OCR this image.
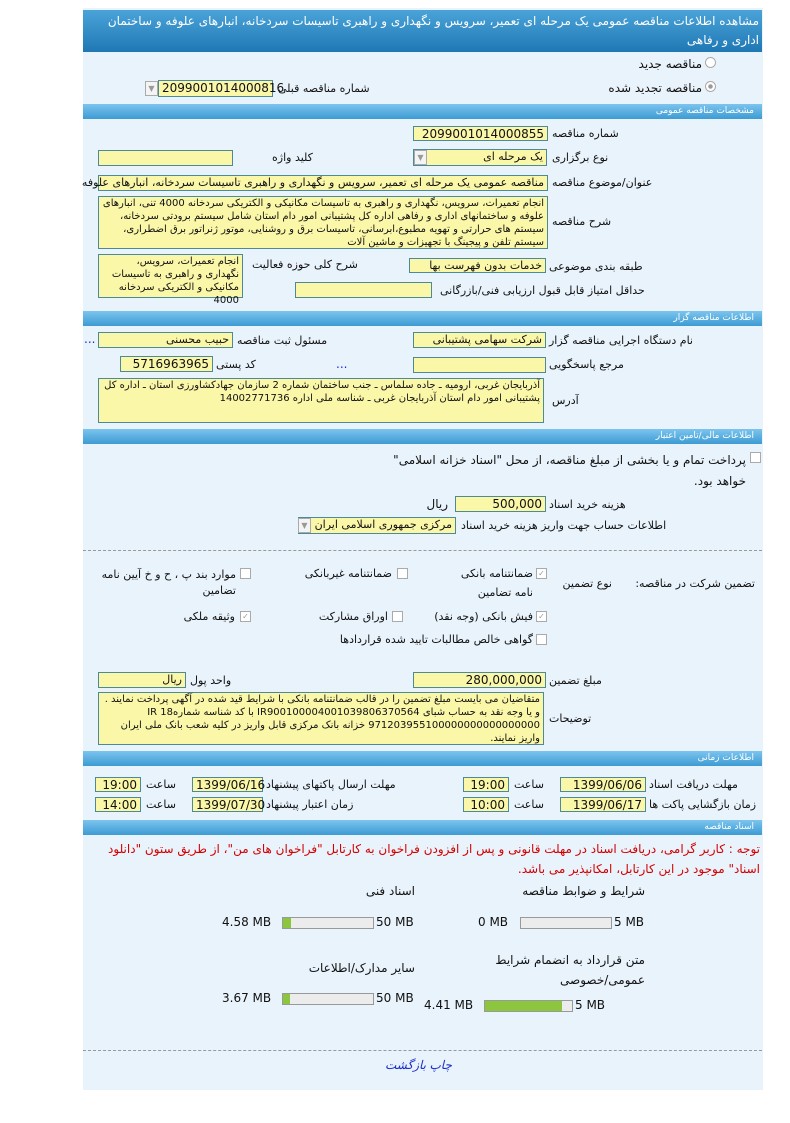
مشاهده اطلاعات مناقصه عمومی یک مرحله ای تعمیر، سرویس و نگهداری و راهبری تاسیسات سردخانه، انبارهای علوفه و ساختمان اداری و رفاهی
مناقصه جدید
مناقصه تجدید شده
شماره مناقصه قبلی
2099001014000816
▼
مشخصات مناقصه عمومی
شماره مناقصه
2099001014000855
نوع برگزاری
یک مرحله ای
▼
کلید واژه
عنوان/موضوع مناقصه
مناقصه عمومی یک مرحله ای تعمیر، سرویس و نگهداری و راهبری تاسیسات سردخانه، انبارهای علوفه
شرح مناقصه
انجام تعمیرات، سرویس، نگهداری و راهبری به تاسیسات مکانیکی و الکتریکی سردخانه 4000 تنی، انبارهای علوفه و ساختمانهای اداری و رفاهی اداره کل پشتیبانی امور دام استان شامل سیستم برودتی سردخانه، سیستم های حرارتی و تهویه مطبوع،ابرسانی، تاسیسات برق و روشنایی، موتور ژنراتور برق اضطراری، سیستم تلفن و پیجینگ با تجهیزات و ماشین آلات
طبقه بندی موضوعی
خدمات بدون فهرست بها
شرح کلی حوزه فعالیت
انجام تعمیرات، سرویس، نگهداری و راهبری به تاسیسات مکانیکی و الکتریکی سردخانه 4000
حداقل امتیاز قابل قبول ارزیابی فنی/بازرگانی
اطلاعات مناقصه گزار
نام دستگاه اجرایی مناقصه گزار
شرکت سهامی پشتیبانی
مسئول ثبت مناقصه
حبیب محسنی
...
مرجع پاسخگویی
...
کد پستی
5716963965
آدرس
آذربایجان غربی، ارومیه ـ جاده سلماس ـ جنب ساختمان شماره 2 سازمان جهادکشاورزی استان ـ اداره کل پشتیبانی امور دام استان آذربایجان غربی ـ شناسه ملی اداره 14002771736
اطلاعات مالی/تامین اعتبار
پرداخت تمام و یا بخشی از مبلغ مناقصه، از محل "اسناد خزانه اسلامی" خواهد بود.
هزینه خرید اسناد
500,000
ریال
اطلاعات حساب جهت واریز هزینه خرید اسناد
مرکزی جمهوری اسلامی ایران
▼
تضمین شرکت در مناقصه:
نوع تضمین
✓
ضمانتنامه بانکی
نامه تضامین
ضمانتنامه غیربانکی
موارد بند پ ، ح و خ آیین نامه تضامین
✓
فیش بانکی (وجه نقد)
اوراق مشارکت
✓
وثیقه ملکی
گواهی خالص مطالبات تایید شده قراردادها
مبلغ تضمین
280,000,000
واحد پول
ریال
توضیحات
متقاضیان می بایست مبلغ تضمین را در قالب ضمانتنامه بانکی با شرایط قید شده در آگهی پرداخت نمایند . و یا وجه نقد به حساب شبای IR900100004001039806370564 با کد شناسه شماره18 IR 971203955100000000000000000 خزانه بانک مرکزی قابل واریز در کلیه شعب بانک ملی ایران واریز نمایند.
اطلاعات زمانی
مهلت دریافت اسناد
1399/06/06
ساعت
19:00
مهلت ارسال پاکتهای پیشنهاد
1399/06/16
ساعت
19:00
زمان بازگشایی پاکت ها
1399/06/17
ساعت
10:00
زمان اعتبار پیشنهاد
1399/07/30
ساعت
14:00
اسناد مناقصه
توجه : کاربر گرامی، دریافت اسناد در مهلت قانونی و پس از افزودن فراخوان به کارتابل "فراخوان های من"، از طریق ستون "دانلود اسناد" موجود در این کارتابل، امکانپذیر می باشد.
شرایط و ضوابط مناقصه
5 MB
0 MB
اسناد فنی
50 MB
4.58 MB
متن قرارداد به انضمام شرایط عمومی/خصوصی
5 MB
4.41 MB
سایر مدارک/اطلاعات
50 MB
3.67 MB
چاپ بازگشت
